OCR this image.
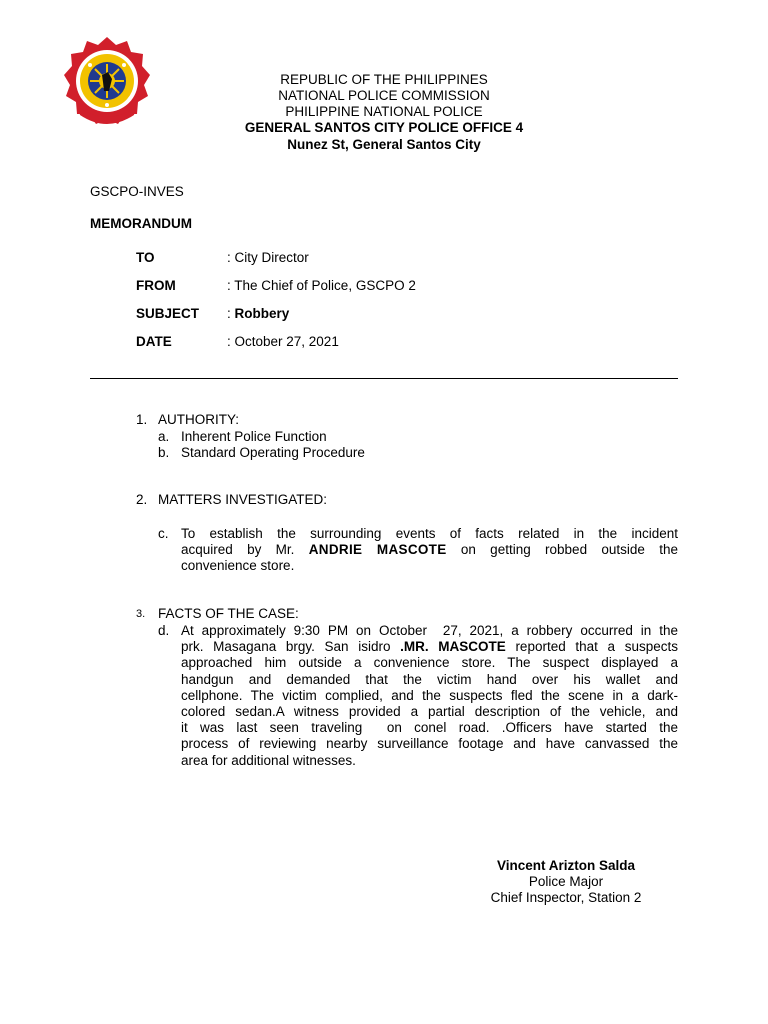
REPUBLIC OF THE PHILIPPINES
NATIONAL POLICE COMMISSION
PHILIPPINE NATIONAL POLICE
GENERAL SANTOS CITY POLICE OFFICE 4
Nunez St, General Santos City
GSCPO-INVES
MEMORANDUM
TO	: City Director
FROM	: The Chief of Police, GSCPO 2
SUBJECT : Robbery
DATE	: October 27, 2021
1. AUTHORITY:
a. Inherent Police Function
b. Standard Operating Procedure
2. MATTERS INVESTIGATED:
c. To establish the surrounding events of facts related in the incident
acquired by Mr. ANDRIE MASCOTE on getting robbed outside the
convenience store.
3. FACTS OF THE CASE:
d. At approximately 9:30 PM on October  27, 2021, a robbery occurred in the
prk. Masagana brgy. San isidro .MR. MASCOTE reported that a suspects
approached him outside a convenience store. The suspect displayed a
handgun and demanded that the victim hand over his wallet and
cellphone. The victim complied, and the suspects fled the scene in a dark-
colored sedan.A witness provided a partial description of the vehicle, and
it was last seen traveling  on conel road. .Officers have started the
process of reviewing nearby surveillance footage and have canvassed the
area for additional witnesses.
Vincent Arizton Salda
Police Major
Chief Inspector, Station 2
